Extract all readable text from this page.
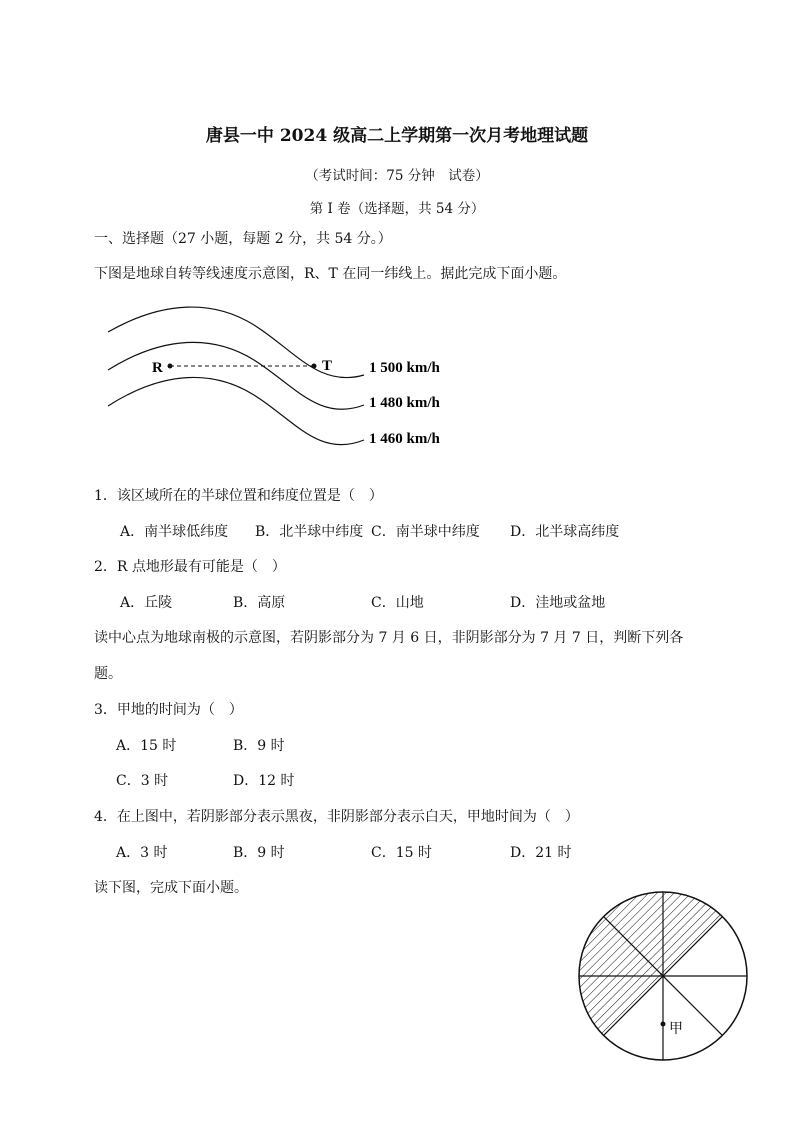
唐县一中 2024 级高二上学期第一次月考地理试题
（考试时间：75 分钟　试卷）
第 I 卷（选择题，共 54 分）
一、选择题（27 小题，每题 2 分，共 54 分。）
下图是地球自转等线速度示意图，R、T 在同一纬线上。据此完成下面小题。
R	T 1 500 km/h
1 480 km/h
1 460 km/h
1．该区域所在的半球位置和纬度位置是（　）
A．南半球低纬度 B．北半球中纬度 C．南半球中纬度 D．北半球高纬度
2．R 点地形最有可能是（　）
A．丘陵	B．高原	C．山地	D．洼地或盆地
读中心点为地球南极的示意图，若阴影部分为 7 月 6 日，非阴影部分为 7 月 7 日，判断下列各
题。
3．甲地的时间为（　）
A．15 时	B．9 时
C．3 时	D．12 时
4．在上图中，若阴影部分表示黑夜，非阴影部分表示白天，甲地时间为（　）
A．3 时	B．9 时	C．15 时	D．21 时
读下图，完成下面小题。
甲
